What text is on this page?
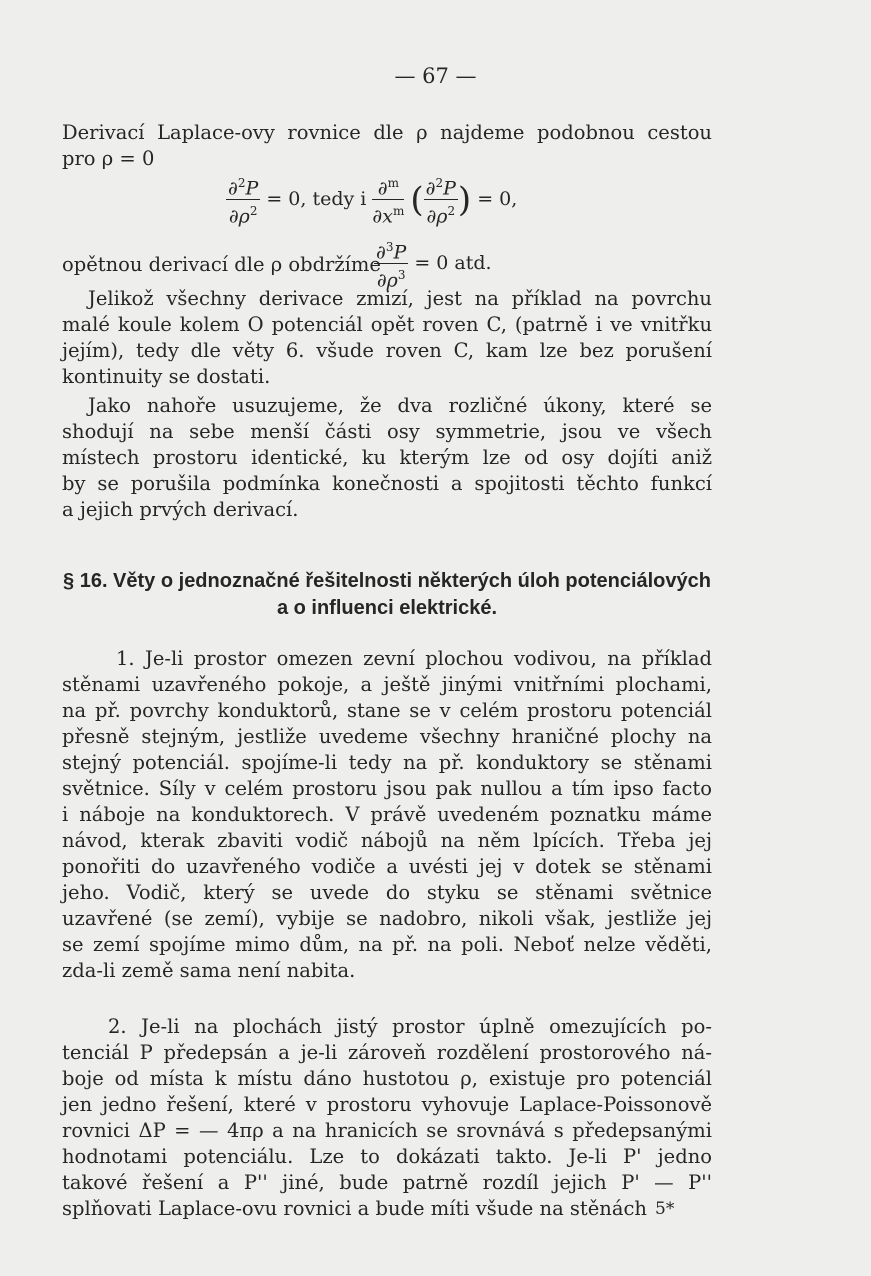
— 67 —
Derivací Laplace-ovy rovnice dle ρ najdeme podobnou cestou
pro ρ = 0
$\frac{\partial^2P}{\partial\rho^2} = 0$, tedy i $\frac{\partial^m}{\partial x^m}$ ( $\frac{\partial^2P}{\partial\rho^2}$ ) = 0,
opětnou derivací dle ρ obdržíme
$\frac{\partial^3P}{\partial\rho^3} = 0$ atd.
Jelikož všechny derivace zmizí, jest na příklad na povrchu
malé koule kolem O potenciál opět roven C, (patrně i ve vnitřku
jejím), tedy dle věty 6. všude roven C, kam lze bez porušení
kontinuity se dostati.
Jako nahoře usuzujeme, že dva rozličné úkony, které se
shodují na sebe menší části osy symmetrie, jsou ve všech
místech prostoru identické, ku kterým lze od osy dojíti aniž
by se porušila podmínka konečnosti a spojitosti těchto funkcí
a jejich prvých derivací.
§ 16. Věty o jednoznačné řešitelnosti některých úloh potenciálových
a o influenci elektrické.
1. Je-li prostor omezen zevní plochou vodivou, na příklad
stěnami uzavřeného pokoje, a ještě jinými vnitřními plochami,
na př. povrchy konduktorů, stane se v celém prostoru potenciál
přesně stejným, jestliže uvedeme všechny hraničné plochy na
stejný potenciál. spojíme-li tedy na př. konduktory se stěnami
světnice. Síly v celém prostoru jsou pak nullou a tím ipso facto
i náboje na konduktorech. V právě uvedeném poznatku máme
návod, kterak zbaviti vodič nábojů na něm lpících. Třeba jej
ponořiti do uzavřeného vodiče a uvésti jej v dotek se stěnami
jeho. Vodič, který se uvede do styku se stěnami světnice
uzavřené (se zemí), vybije se nadobro, nikoli však, jestliže jej
se zemí spojíme mimo dům, na př. na poli. Neboť nelze věděti,
zda-li země sama není nabita.
2. Je-li na plochách jistý prostor úplně omezujících po-
tenciál P předepsán a je-li zároveň rozdělení prostorového ná-
boje od místa k místu dáno hustotou ρ, existuje pro potenciál
jen jedno řešení, které v prostoru vyhovuje Laplace-Poissonově
rovnici ΔP = — 4πρ a na hranicích se srovnává s předepsanými
hodnotami potenciálu. Lze to dokázati takto. Je-li P' jedno
takové řešení a P'' jiné, bude patrně rozdíl jejich P' — P''
splňovati Laplace-ovu rovnici a bude míti všude na stěnách 5*
